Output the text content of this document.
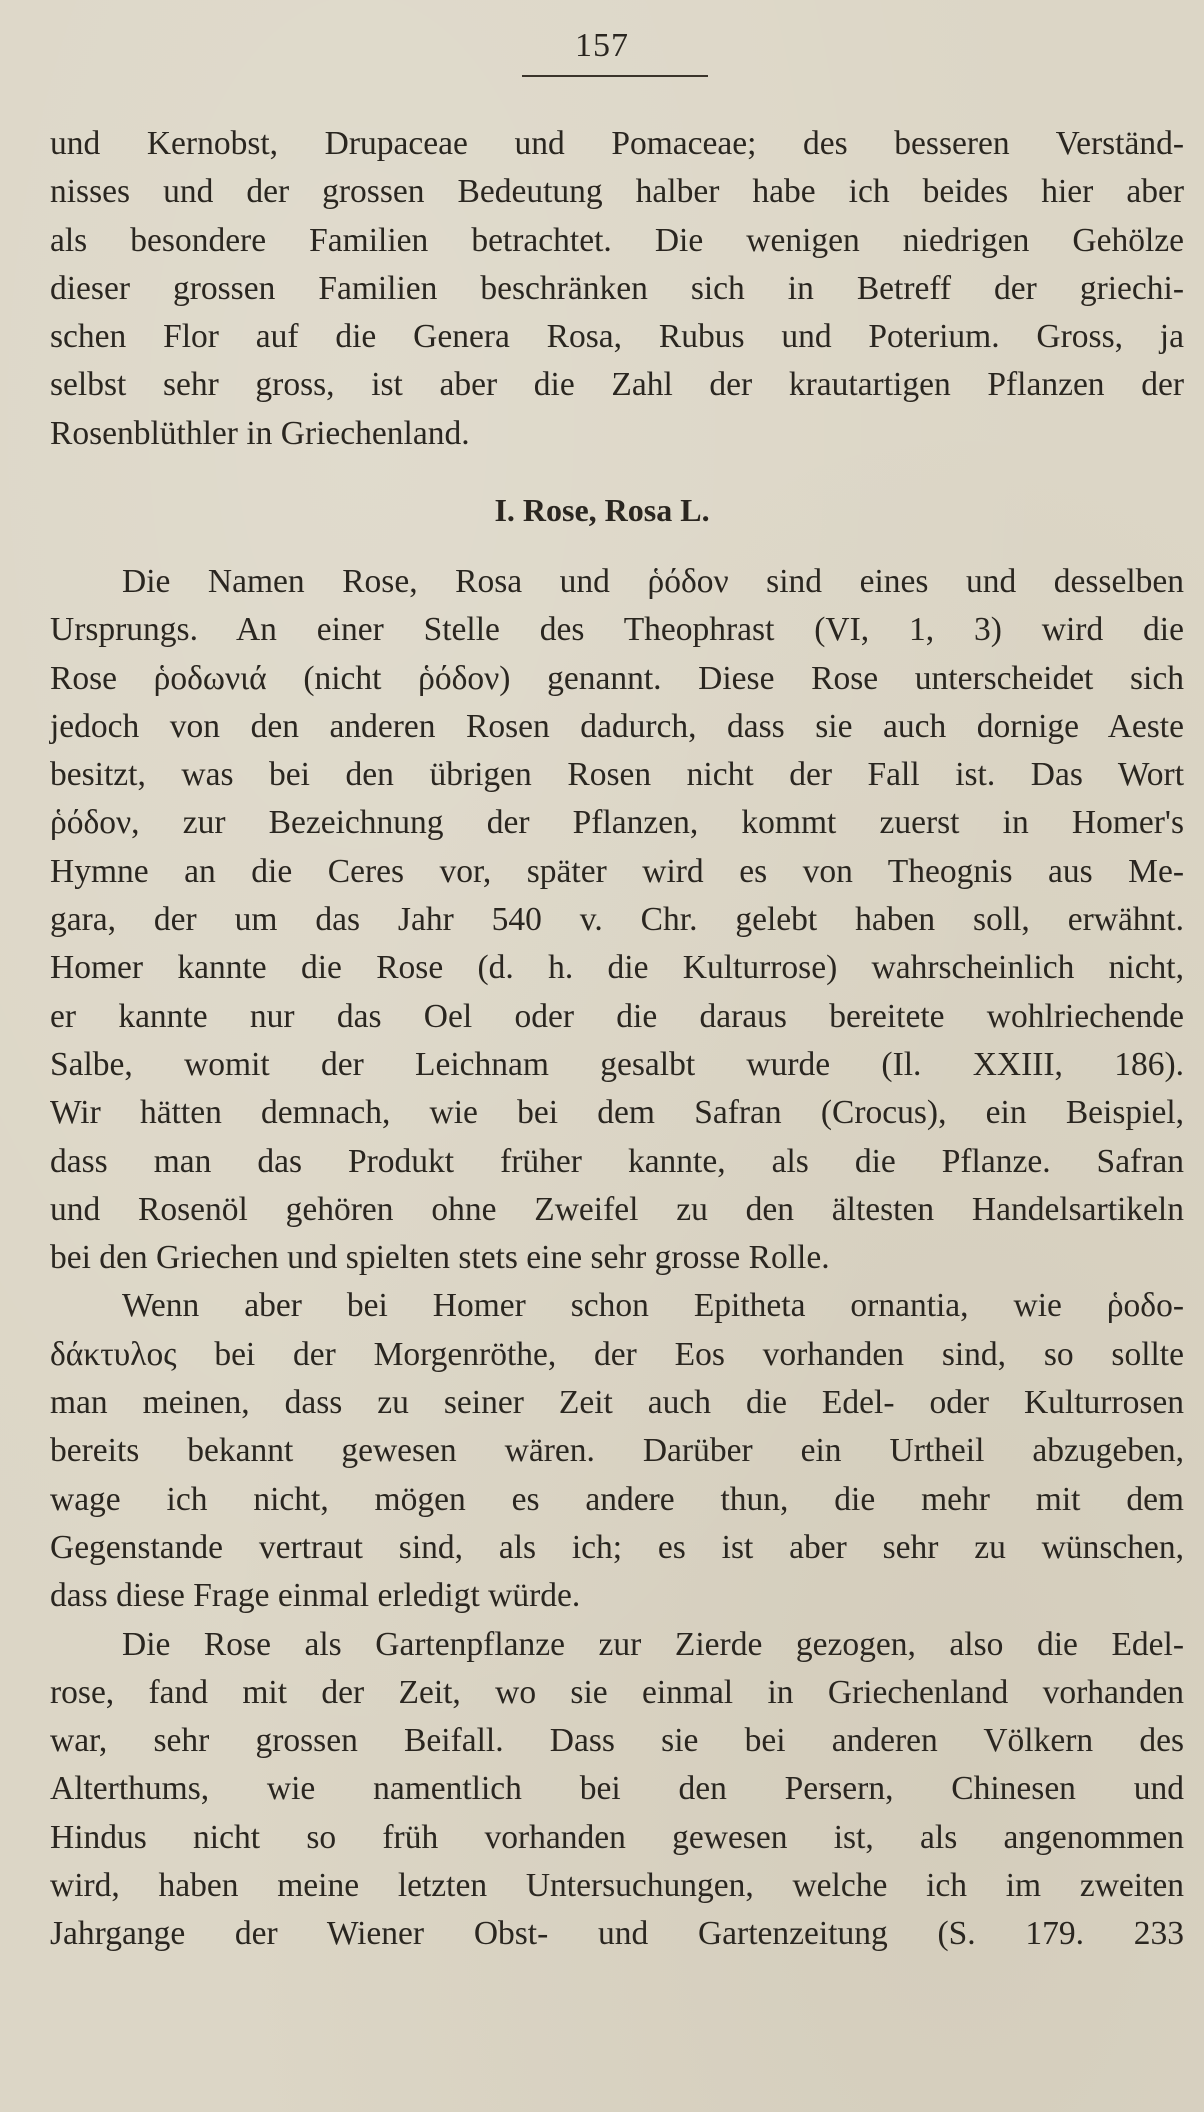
157
und Kernobst, Drupaceae und Pomaceae; des besseren Verständ-
nisses und der grossen Bedeutung halber habe ich beides hier aber
als besondere Familien betrachtet. Die wenigen niedrigen Gehölze
dieser grossen Familien beschränken sich in Betreff der griechi-
schen Flor auf die Genera Rosa, Rubus und Poterium. Gross, ja
selbst sehr gross, ist aber die Zahl der krautartigen Pflanzen der
Rosenblüthler in Griechenland.
I. Rose, Rosa L.
Die Namen Rose, Rosa und ῥόδον sind eines und desselben
Ursprungs. An einer Stelle des Theophrast (VI, 1, 3) wird die
Rose ῥοδωνιά (nicht ῥόδον) genannt. Diese Rose unterscheidet sich
jedoch von den anderen Rosen dadurch, dass sie auch dornige Aeste
besitzt, was bei den übrigen Rosen nicht der Fall ist. Das Wort
ῥόδον, zur Bezeichnung der Pflanzen, kommt zuerst in Homer's
Hymne an die Ceres vor, später wird es von Theognis aus Me-
gara, der um das Jahr 540 v. Chr. gelebt haben soll, erwähnt.
Homer kannte die Rose (d. h. die Kulturrose) wahrscheinlich nicht,
er kannte nur das Oel oder die daraus bereitete wohlriechende
Salbe, womit der Leichnam gesalbt wurde (Il. XXIII, 186).
Wir hätten demnach, wie bei dem Safran (Crocus), ein Beispiel,
dass man das Produkt früher kannte, als die Pflanze. Safran
und Rosenöl gehören ohne Zweifel zu den ältesten Handelsartikeln
bei den Griechen und spielten stets eine sehr grosse Rolle.
Wenn aber bei Homer schon Epitheta ornantia, wie ῥοδο-
δάκτυλος bei der Morgenröthe, der Eos vorhanden sind, so sollte
man meinen, dass zu seiner Zeit auch die Edel- oder Kulturrosen
bereits bekannt gewesen wären. Darüber ein Urtheil abzugeben,
wage ich nicht, mögen es andere thun, die mehr mit dem
Gegenstande vertraut sind, als ich; es ist aber sehr zu wünschen,
dass diese Frage einmal erledigt würde.
Die Rose als Gartenpflanze zur Zierde gezogen, also die Edel-
rose, fand mit der Zeit, wo sie einmal in Griechenland vorhanden
war, sehr grossen Beifall. Dass sie bei anderen Völkern des
Alterthums, wie namentlich bei den Persern, Chinesen und
Hindus nicht so früh vorhanden gewesen ist, als angenommen
wird, haben meine letzten Untersuchungen, welche ich im zweiten
Jahrgange der Wiener Obst- und Gartenzeitung (S. 179. 233
